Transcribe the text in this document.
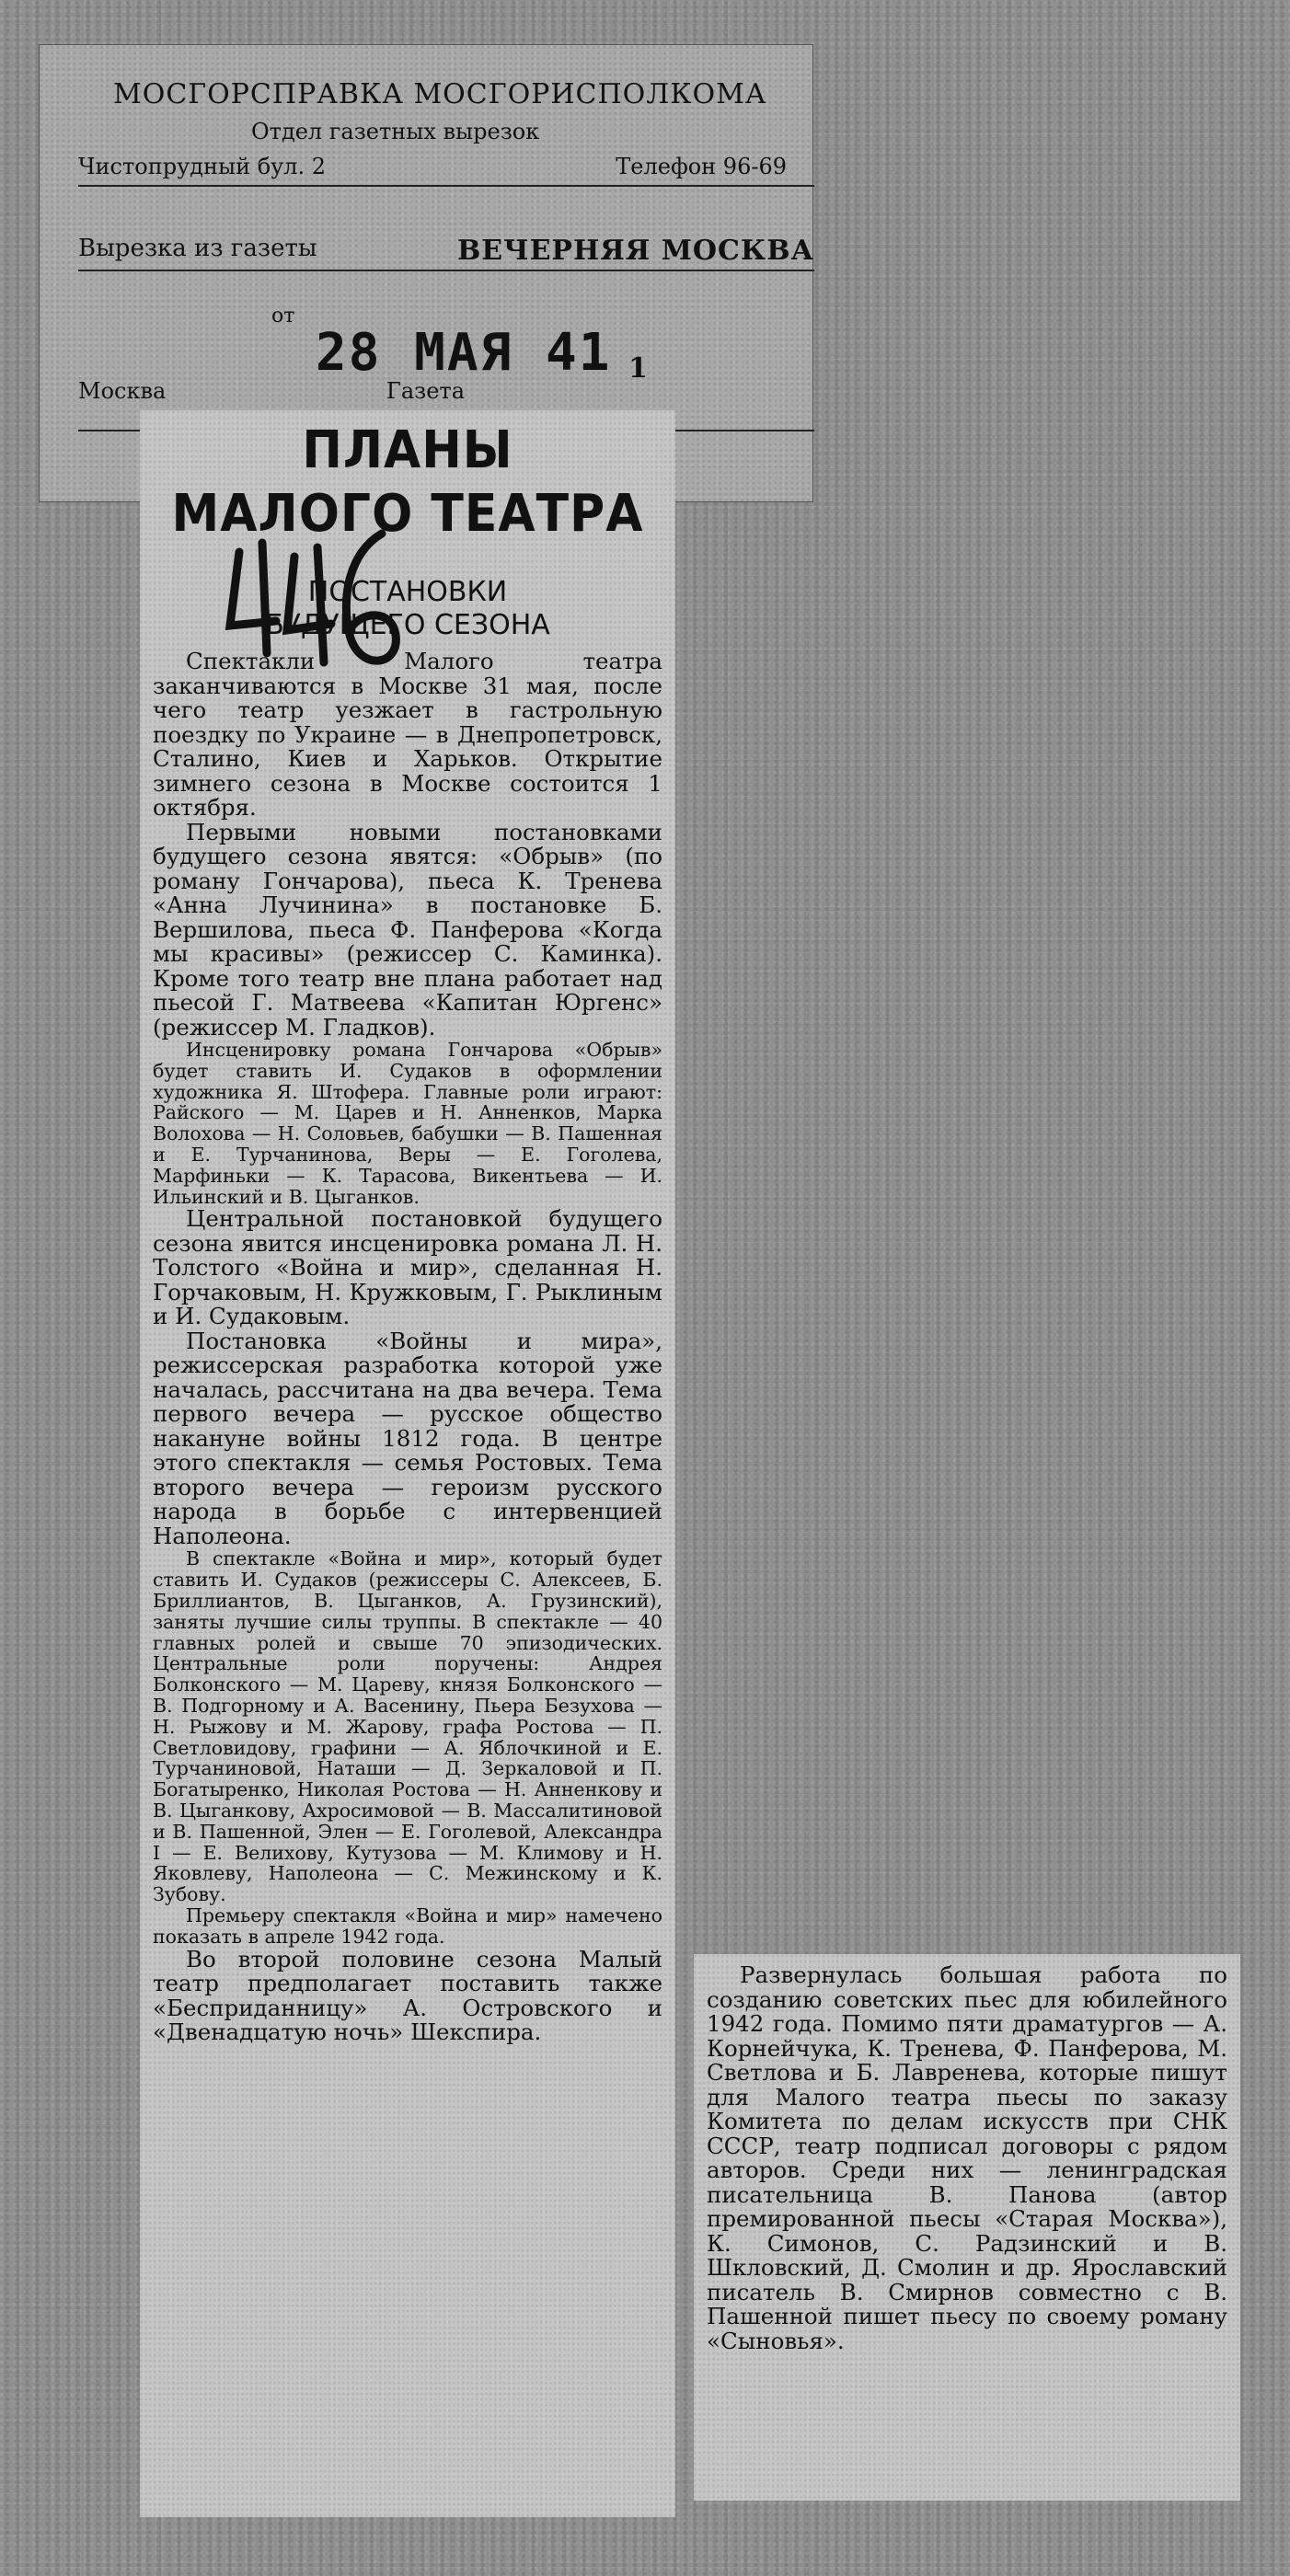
МОСГОРСПРАВКА МОСГОРИСПОЛКОМА
Отдел газетных вырезок
Чистопрудный бул. 2	Телефон 96-69
Вырезка из газеты	ВЕЧЕРНЯЯ МОСКВА
от
28 МАЯ 41 1
Москва	Газета
ПЛАНЫ
МАЛОГО ТЕАТРА
ПОСТАНОВКИ
БУДУЩЕГО СЕЗОНА

Спектакли Малого театра заканчиваются в Москве 31 мая, после чего театр уезжает в гастрольную поездку по Украине — в Днепропетровск, Сталино, Киев и Харьков. Открытие зимнего сезона в Москве состоится 1 октября.

Первыми новыми постановками будущего сезона явятся: «Обрыв» (по роману Гончарова), пьеса К. Тренева «Анна Лучинина» в постановке Б. Вершилова, пьеса Ф. Панферова «Когда мы красивы» (режиссер С. Каминка). Кроме того театр вне плана работает над пьесой Г. Матвеева «Капитан Юргенс» (режиссер М. Гладков).

Инсценировку романа Гончарова «Обрыв» будет ставить И. Судаков в оформлении художника Я. Штофера. Главные роли играют: Райского — М. Царев и Н. Анненков, Марка Волохова — Н. Соловьев, бабушки — В. Пашенная и Е. Турчанинова, Веры — Е. Гоголева, Марфиньки — К. Тарасова, Викентьева — И. Ильинский и В. Цыганков.

Центральной постановкой будущего сезона явится инсценировка романа Л. Н. Толстого «Война и мир», сделанная Н. Горчаковым, Н. Кружковым, Г. Рыклиным и И. Судаковым.

Постановка «Войны и мира», режиссерская разработка которой уже началась, рассчитана на два вечера. Тема первого вечера — русское общество накануне войны 1812 года. В центре этого спектакля — семья Ростовых. Тема второго вечера — героизм русского народа в борьбе с интервенцией Наполеона.

В спектакле «Война и мир», который будет ставить И. Судаков (режиссеры С. Алексеев, Б. Бриллиантов, В. Цыганков, А. Грузинский), заняты лучшие силы труппы. В спектакле — 40 главных ролей и свыше 70 эпизодических. Центральные роли поручены: Андрея Болконского — М. Цареву, князя Болконского — В. Подгорному и А. Васенину, Пьера Безухова — Н. Рыжову и М. Жарову, графа Ростова — П. Светловидову, графини — А. Яблочкиной и Е. Турчаниновой, Наташи — Д. Зеркаловой и П. Богатыренко, Николая Ростова — Н. Анненкову и В. Цыганкову, Ахросимовой — В. Массалитиновой и В. Пашенной, Элен — Е. Гоголевой, Александра I — Е. Велихову, Кутузова — М. Климову и Н. Яковлеву, Наполеона — С. Межинскому и К. Зубову.

Премьеру спектакля «Война и мир» намечено показать в апреле 1942 года.

Во второй половине сезона Малый театр предполагает поставить также «Бесприданницу» А. Островского и «Двенадцатую ночь» Шекспира.

Развернулась большая работа по созданию советских пьес для юбилейного 1942 года. Помимо пяти драматургов — А. Корнейчука, К. Тренева, Ф. Панферова, М. Светлова и Б. Лавренева, которые пишут для Малого театра пьесы по заказу Комитета по делам искусств при СНК СССР, театр подписал договоры с рядом авторов. Среди них — ленинградская писательница В. Панова (автор премированной пьесы «Старая Москва»), К. Симонов, С. Радзинский и В. Шкловский, Д. Смолин и др. Ярославский писатель В. Смирнов совместно с В. Пашенной пишет пьесу по своему роману «Сыновья».
